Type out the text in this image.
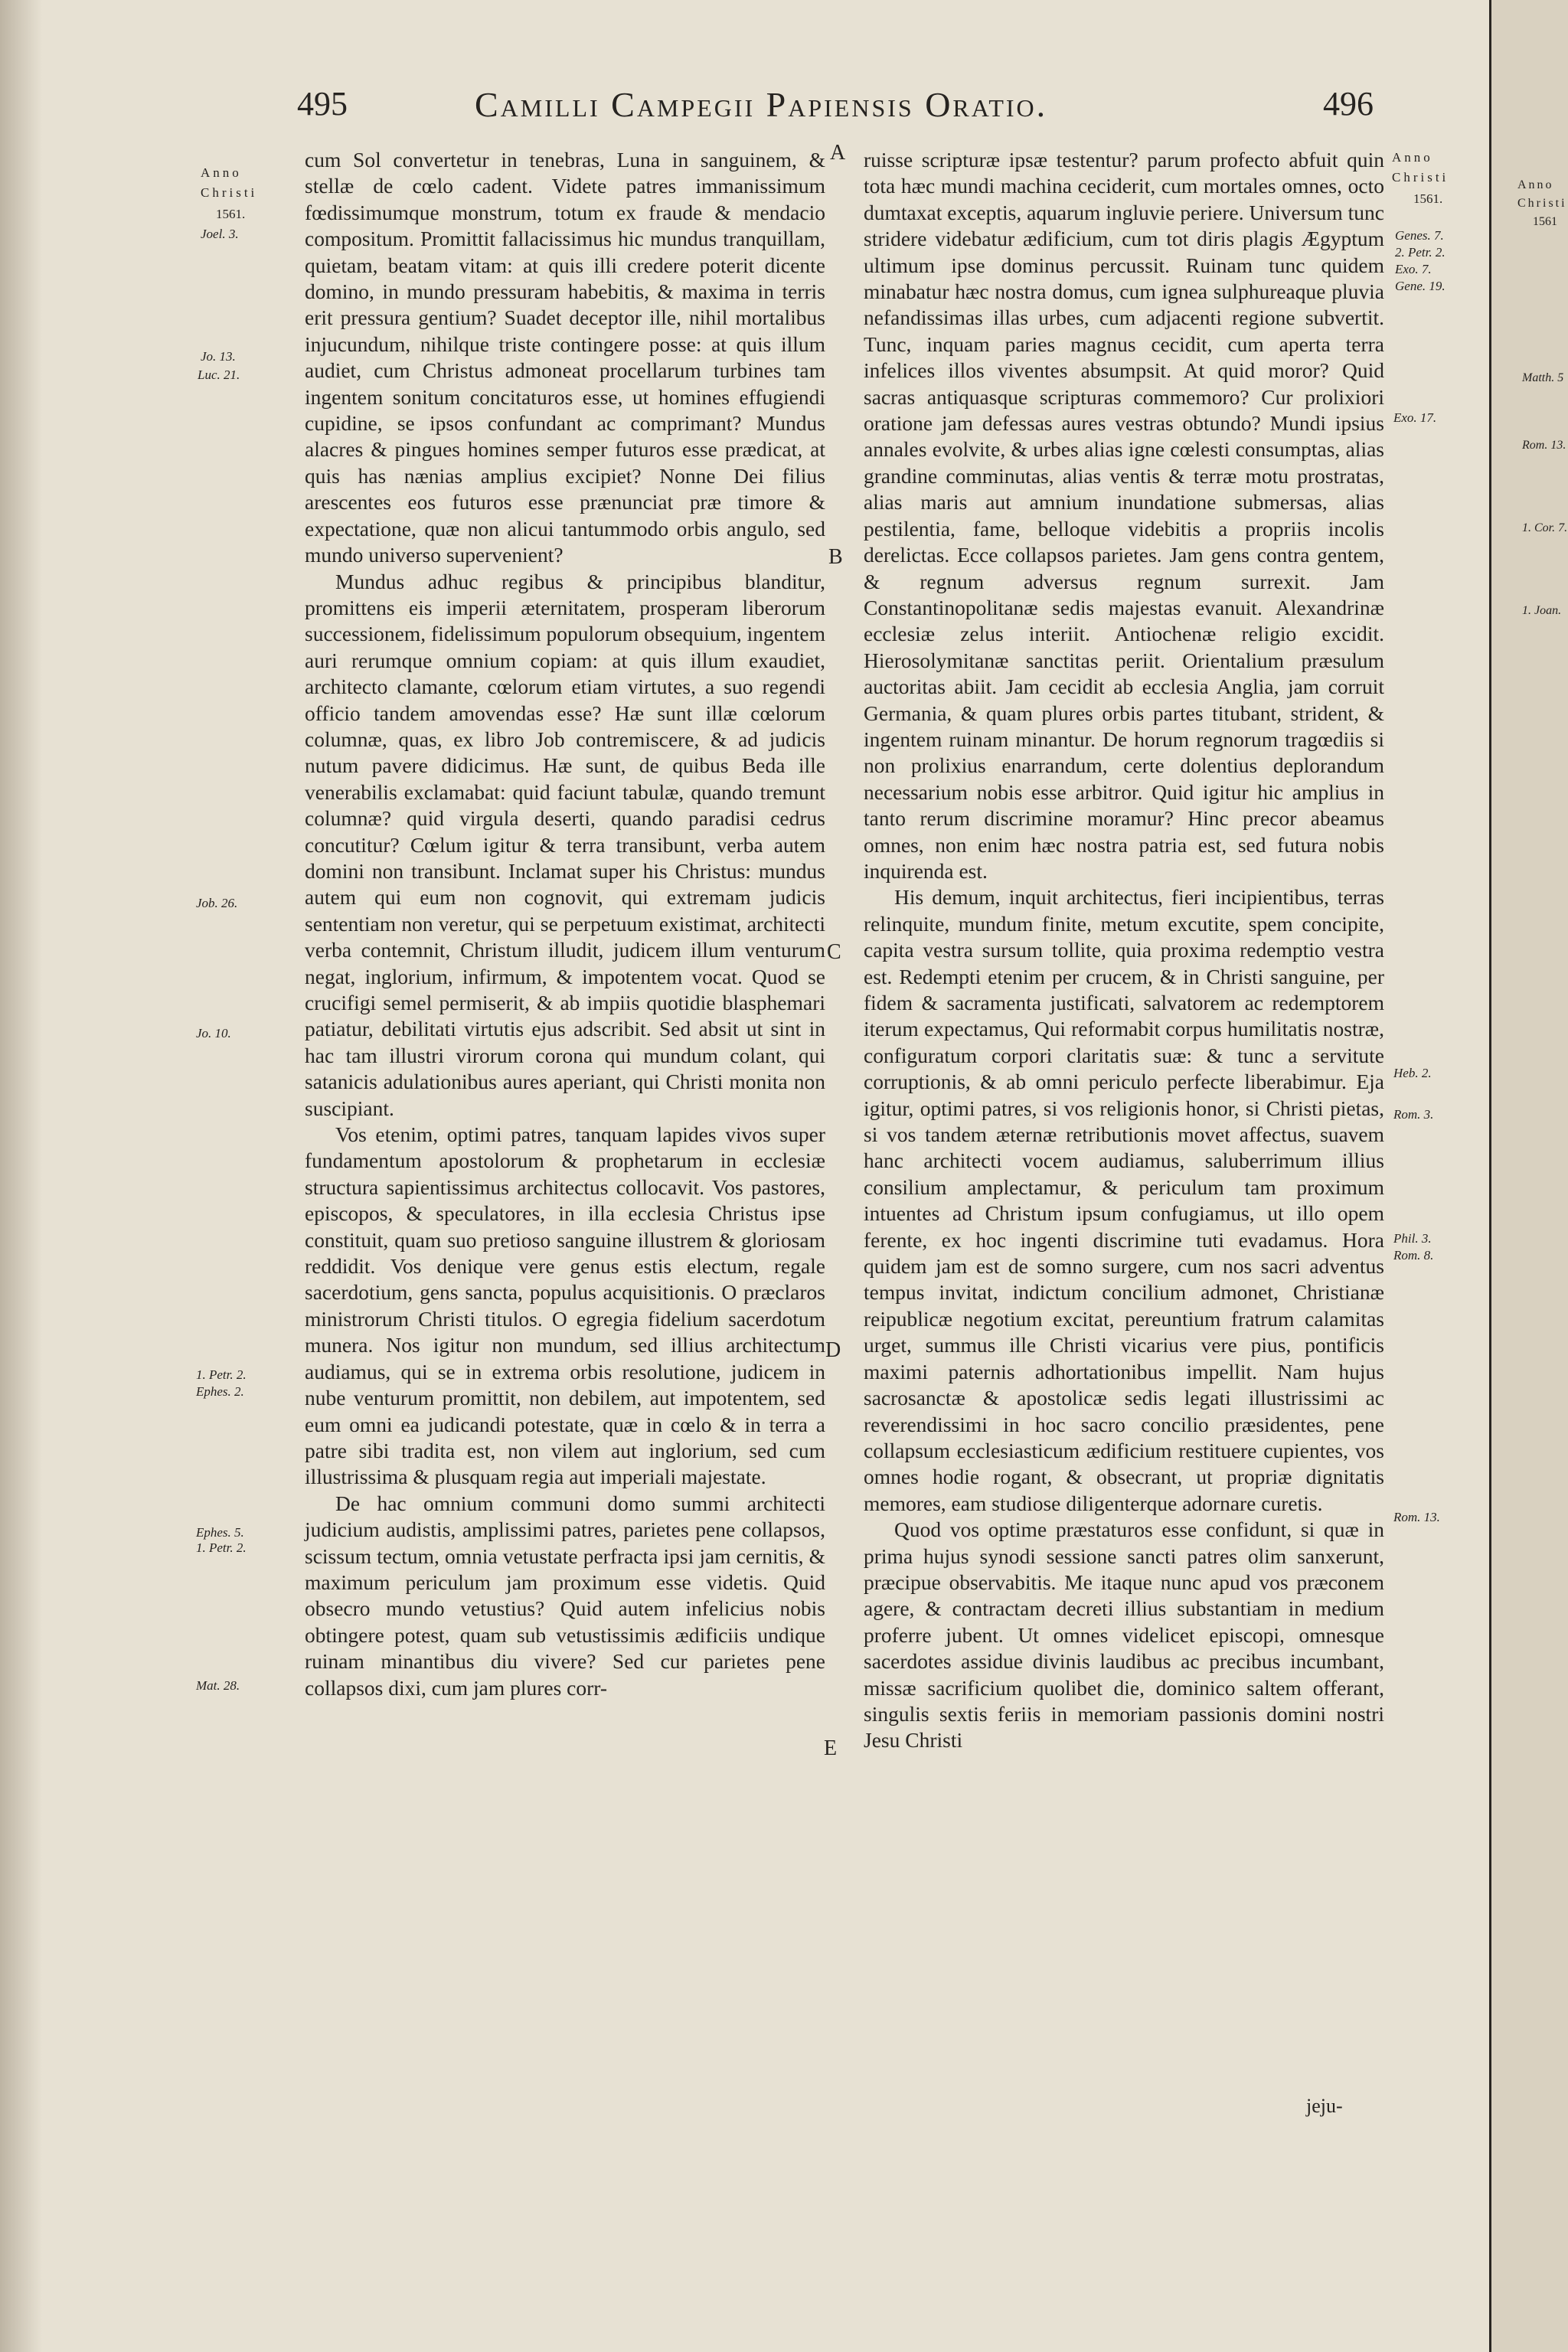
495	Camilli Campegii Papiensis Oratio.	496
Anno
Christi
1561.
Joel. 3.
Jo. 13.
Luc. 21.
Job. 26.
Jo. 10.
1. Petr. 2.
Ephes. 2.
Ephes. 5.
1. Petr. 2.
Mat. 28.
A
B
C
D
E

cum Sol convertetur in tenebras, Luna in sanguinem, & stellæ de cœlo cadent. Videte patres immanissimum fœdissimumque monstrum, totum ex fraude & mendacio compositum. Promittit fallacissimus hic mundus tranquillam, quietam, beatam vitam: at quis illi credere poterit dicente domino, in mundo pressuram habebitis, & maxima in terris erit pressura gentium? Suadet deceptor ille, nihil mortalibus injucundum, nihilque triste contingere posse: at quis illum audiet, cum Christus admoneat procellarum turbines tam ingentem sonitum concitaturos esse, ut homines effugiendi cupidine, se ipsos confundant ac comprimant? Mundus alacres & pingues homines semper futuros esse prædicat, at quis has nænias amplius excipiet? Nonne Dei filius arescentes eos futuros esse prænunciat præ timore & expectatione, quæ non alicui tantummodo orbis angulo, sed mundo universo supervenient?

Mundus adhuc regibus & principibus blanditur, promittens eis imperii æternitatem, prosperam liberorum successionem, fidelissimum populorum obsequium, ingentem auri rerumque omnium copiam: at quis illum exaudiet, architecto clamante, cœlorum etiam virtutes, a suo regendi officio tandem amovendas esse? Hæ sunt illæ cœlorum columnæ, quas, ex libro Job contremiscere, & ad judicis nutum pavere didicimus. Hæ sunt, de quibus Beda ille venerabilis exclamabat: quid faciunt tabulæ, quando tremunt columnæ? quid virgula deserti, quando paradisi cedrus concutitur? Cœlum igitur & terra transibunt, verba autem domini non transibunt. Inclamat super his Christus: mundus autem qui eum non cognovit, qui extremam judicis sententiam non veretur, qui se perpetuum existimat, architecti verba contemnit, Christum illudit, judicem illum venturum negat, inglorium, infirmum, & impotentem vocat. Quod se crucifigi semel permiserit, & ab impiis quotidie blasphemari patiatur, debilitati virtutis ejus adscribit. Sed absit ut sint in hac tam illustri virorum corona qui mundum colant, qui satanicis adulationibus aures aperiant, qui Christi monita non suscipiant.

Vos etenim, optimi patres, tanquam lapides vivos super fundamentum apostolorum & prophetarum in ecclesiæ structura sapientissimus architectus collocavit. Vos pastores, episcopos, & speculatores, in illa ecclesia Christus ipse constituit, quam suo pretioso sanguine illustrem & gloriosam reddidit. Vos denique vere genus estis electum, regale sacerdotium, gens sancta, populus acquisitionis. O præclaros ministrorum Christi titulos. O egregia fidelium sacerdotum munera. Nos igitur non mundum, sed illius architectum audiamus, qui se in extrema orbis resolutione, judicem in nube venturum promittit, non debilem, aut impotentem, sed eum omni ea judicandi potestate, quæ in cœlo & in terra a patre sibi tradita est, non vilem aut inglorium, sed cum illustrissima & plusquam regia aut imperiali majestate.

De hac omnium communi domo summi architecti judicium audistis, amplissimi patres, parietes pene collapsos, scissum tectum, omnia vetustate perfracta ipsi jam cernitis, & maximum periculum jam proximum esse videtis. Quid obsecro mundo vetustius? Quid autem infelicius nobis obtingere potest, quam sub vetustissimis ædificiis undique ruinam minantibus diu vivere? Sed cur parietes pene collapsos dixi, cum jam plures corr-

ruisse scripturæ ipsæ testentur? parum profecto abfuit quin tota hæc mundi machina ceciderit, cum mortales omnes, octo dumtaxat exceptis, aquarum ingluvie periere. Universum tunc stridere videbatur ædificium, cum tot diris plagis Ægyptum ultimum ipse dominus percussit. Ruinam tunc quidem minabatur hæc nostra domus, cum ignea sulphureaque pluvia nefandissimas illas urbes, cum adjacenti regione subvertit. Tunc, inquam paries magnus cecidit, cum aperta terra infelices illos viventes absumpsit. At quid moror? Quid sacras antiquasque scripturas commemoro? Cur prolixiori oratione jam defessas aures vestras obtundo? Mundi ipsius annales evolvite, & urbes alias igne cœlesti consumptas, alias grandine comminutas, alias ventis & terræ motu prostratas, alias maris aut amnium inundatione submersas, alias pestilentia, fame, belloque videbitis a propriis incolis derelictas. Ecce collapsos parietes. Jam gens contra gentem, & regnum adversus regnum surrexit. Jam Constantinopolitanæ sedis majestas evanuit. Alexandrinæ ecclesiæ zelus interiit. Antiochenæ religio excidit. Hierosolymitanæ sanctitas periit. Orientalium præsulum auctoritas abiit. Jam cecidit ab ecclesia Anglia, jam corruit Germania, & quam plures orbis partes titubant, strident, & ingentem ruinam minantur. De horum regnorum tragœdiis si non prolixius enarrandum, certe dolentius deplorandum necessarium nobis esse arbitror. Quid igitur hic amplius in tanto rerum discrimine moramur? Hinc precor abeamus omnes, non enim hæc nostra patria est, sed futura nobis inquirenda est.

His demum, inquit architectus, fieri incipientibus, terras relinquite, mundum finite, metum excutite, spem concipite, capita vestra sursum tollite, quia proxima redemptio vestra est. Redempti etenim per crucem, & in Christi sanguine, per fidem & sacramenta justificati, salvatorem ac redemptorem iterum expectamus, Qui reformabit corpus humilitatis nostræ, configuratum corpori claritatis suæ: & tunc a servitute corruptionis, & ab omni periculo perfecte liberabimur. Eja igitur, optimi patres, si vos religionis honor, si Christi pietas, si vos tandem æternæ retributionis movet affectus, suavem hanc architecti vocem audiamus, saluberrimum illius consilium amplectamur, & periculum tam proximum intuentes ad Christum ipsum confugiamus, ut illo opem ferente, ex hoc ingenti discrimine tuti evadamus. Hora quidem jam est de somno surgere, cum nos sacri adventus tempus invitat, indictum concilium admonet, Christianæ reipublicæ negotium excitat, pereuntium fratrum calamitas urget, summus ille Christi vicarius vere pius, pontificis maximi paternis adhortationibus impellit. Nam hujus sacrosanctæ & apostolicæ sedis legati illustrissimi ac reverendissimi in hoc sacro concilio præsidentes, pene collapsum ecclesiasticum ædificium restituere cupientes, vos omnes hodie rogant, & obsecrant, ut propriæ dignitatis memores, eam studiose diligenterque adornare curetis.

Quod vos optime præstaturos esse confidunt, si quæ in prima hujus synodi sessione sancti patres olim sanxerunt, præcipue observabitis. Me itaque nunc apud vos præconem agere, & contractam decreti illius substantiam in medium proferre jubent. Ut omnes videlicet episcopi, omnesque sacerdotes assidue divinis laudibus ac precibus incumbant, missæ sacrificium quolibet die, dominico saltem offerant, singulis sextis feriis in memoriam passionis domini nostri Jesu Christi

jeju-
Anno
Christi
1561.
Genes. 7.
2. Petr. 2.
Exo. 7.
Gene. 19.
Exo. 17.
Heb. 2.
Rom. 3.
Phil. 3.
Rom. 8.
Rom. 13.
Anno
Christi
1561
Matth. 5
Rom. 13.
1. Cor. 7.
1. Joan.
